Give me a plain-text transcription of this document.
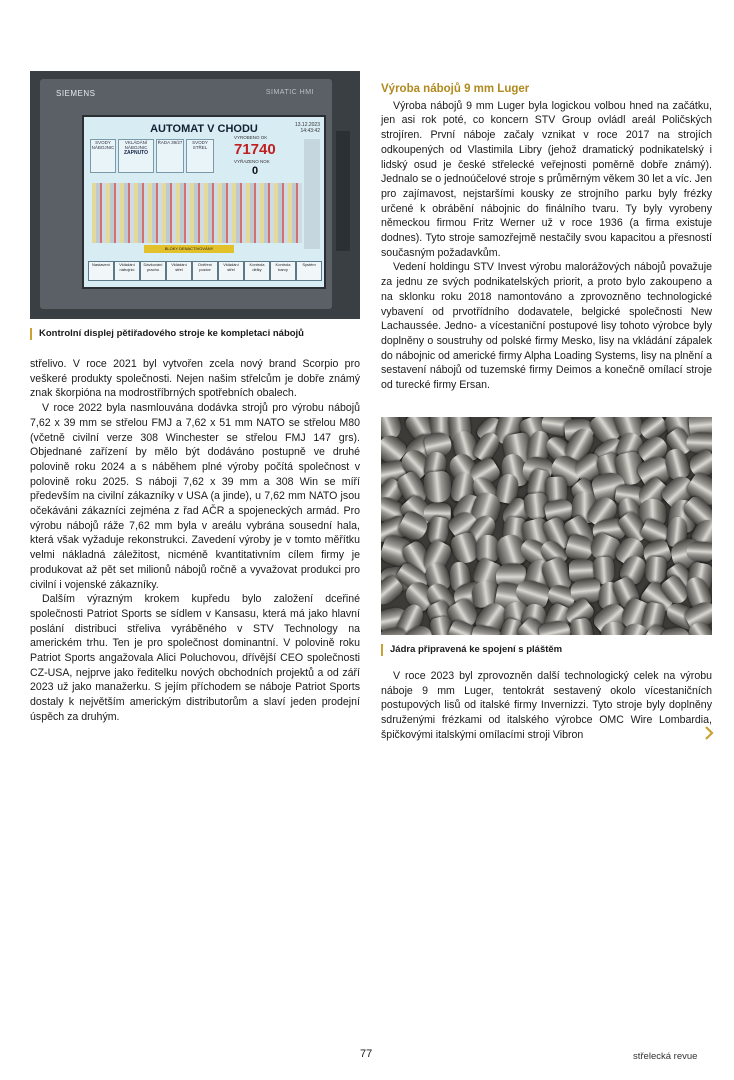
SIEMENS	SIMATIC HMI
AUTOMAT V CHODU	13.12.2023
14:43:42
SVODY NÁBOJNIC
VKLÁDÁNÍ NÁBOJNIC
ZAPNUTO
ŘADA 39/27	SVODY STŘEL
VYROBENO OK
71740
VYŘAZENO NOK
0
BLOKY DENACTIVOVÁNY
Nastavení	Vkládání nábojnic
Dávkování prachu
Vkládání střel
Ověření pozice
Vkládání střel
Kontrola délky
Kontrola barvy
Systém
Kontrolní displej pětiřadového stroje ke kompletaci nábojů

střelivo. V roce 2021 byl vytvořen zcela nový brand Scorpio pro veškeré produkty společnosti. Nejen našim střelcům je dobře známý znak škorpióna na modrostříbrných spotřebních obalech.

V roce 2022 byla nasmlouvána dodávka strojů pro výrobu nábojů 7,62 x 39 mm se střelou FMJ a 7,62 x 51 mm NATO se střelou M80 (včetně civilní verze 308 Winchester se střelou FMJ 147 grs). Objednané zařízení by mělo být dodáváno postupně ve druhé polovině roku 2024 a s náběhem plné výroby počítá společnost v polovině roku 2025. S náboji 7,62 x 39 mm a 308 Win se míří především na civilní zákazníky v USA (a jinde), u 7,62 mm NATO jsou očekáváni zákazníci zejména z řad AČR a spojeneckých armád. Pro výrobu nábojů ráže 7,62 mm byla v areálu vybrána sousední hala, která však vyžaduje rekonstrukci. Zavedení výroby je v tomto měřítku velmi nákladná záležitost, nicméně kvantitativním cílem firmy je produkovat až pět set milionů nábojů ročně a vyvažovat produkci pro civilní i vojenské zákazníky.

Dalším výrazným krokem kupředu bylo založení dceřiné společnosti Patriot Sports se sídlem v Kansasu, která má jako hlavní poslání distribuci střeliva vyráběného v STV Technology na americkém trhu. Ten je pro společnost dominantní. V polovině roku Patriot Sports angažovala Alici Poluchovou, dřívější CEO společnosti CZ-USA, nejprve jako ředitelku nových obchodních projektů a od září 2023 už jako manažerku. S jejím příchodem se náboje Patriot Sports dostaly k největším americkým distributorům a slaví jeden prodejní úspěch za druhým.

Výroba nábojů 9 mm Luger

Výroba nábojů 9 mm Luger byla logickou volbou hned na začátku, jen asi rok poté, co koncern STV Group ovládl areál Poličských strojíren. První náboje začaly vznikat v roce 2017 na strojích odkoupených od Vlastimila Libry (jehož dramatický podnikatelský i lidský osud je české střelecké veřejnosti poměrně dobře známý). Jednalo se o jednoúčelové stroje s průměrným věkem 30 let a víc. Jen pro zajímavost, nejstaršími kousky ze strojního parku byly frézky určené k obrábění nábojnic do finálního tvaru. Ty byly vyrobeny německou firmou Fritz Werner už v roce 1936 (a firma existuje dodnes). Tyto stroje samozřejmě nestačily svou kapacitou a přesností současným požadavkům.

Vedení holdingu STV Invest výrobu malorážových nábojů považuje za jednu ze svých podnikatelských priorit, a proto bylo zakoupeno a na sklonku roku 2018 namontováno a zprovozněno technologické vybavení od prvotřídního dodavatele, belgické společnosti New Lachaussée. Jedno- a vícestaniční postupové lisy tohoto výrobce byly doplněny o soustruhy od polské firmy Mesko, lisy na vkládání zápalek do nábojnic od americké firmy Alpha Loading Systems, lisy na plnění a sestavení nábojů od tuzemské firmy Deimos a konečně omílací stroje od turecké firmy Ersan.

Jádra připravená ke spojení s pláštěm

V roce 2023 byl zprovozněn další technologický celek na výrobu náboje 9 mm Luger, tentokrát sestavený okolo vícestaničních postupových lisů od italské firmy Invernizzi. Tyto stroje byly doplněny sdruženými frézkami od italského výrobce OMC Wire Lombardia, špičkovými italskými omílacími stroji Vibron

77	střelecká revue
